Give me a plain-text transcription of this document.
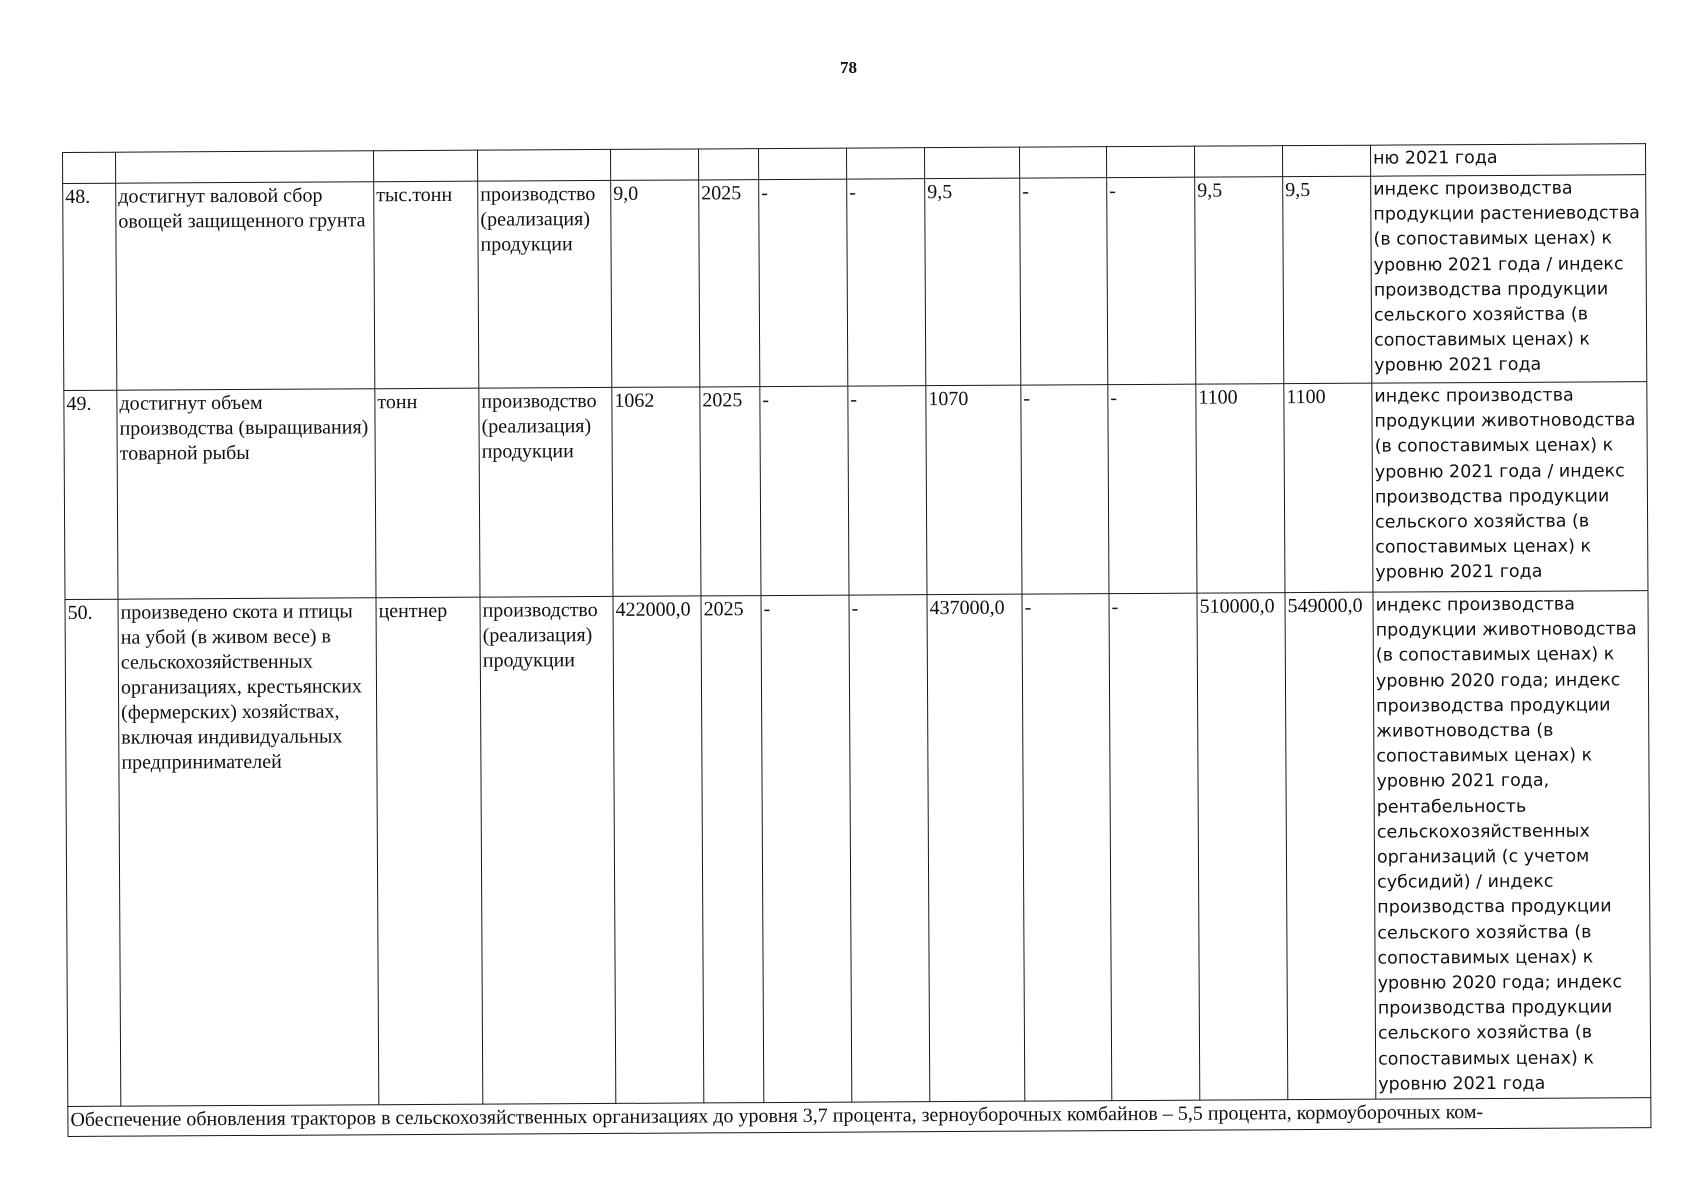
78
													ню 2021 года
48.	достигнут валовой сбор овощей защищенного грунта	тыс.тонн	производство (реализация) продукции	9,0	2025	-	-	9,5	-	-	9,5	9,5	индекс производства продукции растениеводства (в сопоставимых ценах) к уровню 2021 года / индекс производства продукции сельского хозяйства (в сопоставимых ценах) к уровню 2021 года
49.	достигнут объем производства (выращивания) товарной рыбы	тонн	производство (реализация) продукции	1062	2025	-	-	1070	-	-	1100	1100	индекс производства продукции животноводства (в сопоставимых ценах) к уровню 2021 года / индекс производства продукции сельского хозяйства (в сопоставимых ценах) к уровню 2021 года
50.	произведено скота и птицы на убой (в живом весе) в сельскохозяйственных организациях, крестьянских (фермерских) хозяйствах, включая индивидуальных предпринимателей	центнер	производство (реализация) продукции	422000,0	2025	-	-	437000,0	-	-	510000,0	549000,0	индекс производства продукции животноводства (в сопоставимых ценах) к уровню 2020 года; индекс производства продукции животноводства (в сопоставимых ценах) к уровню 2021 года, рентабельность сельскохозяйственных организаций (с учетом субсидий) / индекс производства продукции сельского хозяйства (в сопоставимых ценах) к уровню 2020 года; индекс производства продукции сельского хозяйства (в сопоставимых ценах) к уровню 2021 года
Обеспечение обновления тракторов в сельскохозяйственных организациях до уровня 3,7 процента, зерноуборочных комбайнов – 5,5 процента, кормоуборочных ком-													
